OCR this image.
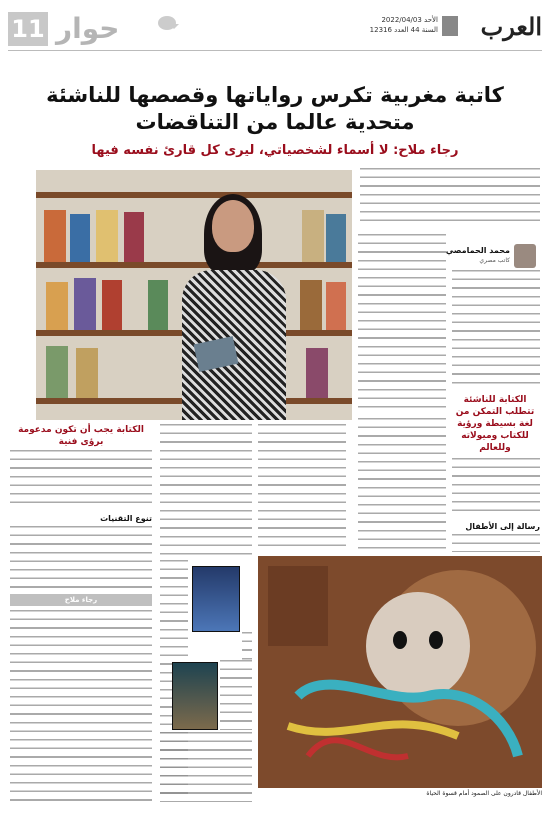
11 حوار	العرب
الأحد 2022/04/03
السنة 44 العدد 12316
كاتبة مغربية تكرس رواياتها وقصصها للناشئة
متحدية عالما من التناقضات
رجاء ملاح: لا أسماء لشخصياتي، ليرى كل قارئ نفسه فيها
محمد الحمامصي
كاتب مصري
الكتابة للناشئة تتطلب التمكن من لغة بسيطة ورؤية للكتاب وميولاته وللعالم
رسالة إلى الأطفال
الكتابة يجب أن تكون مدعومة برؤى فنية
تنوع التقنيات
رجاء ملاح
الأطفال قادرون على الصمود أمام قسوة الحياة
